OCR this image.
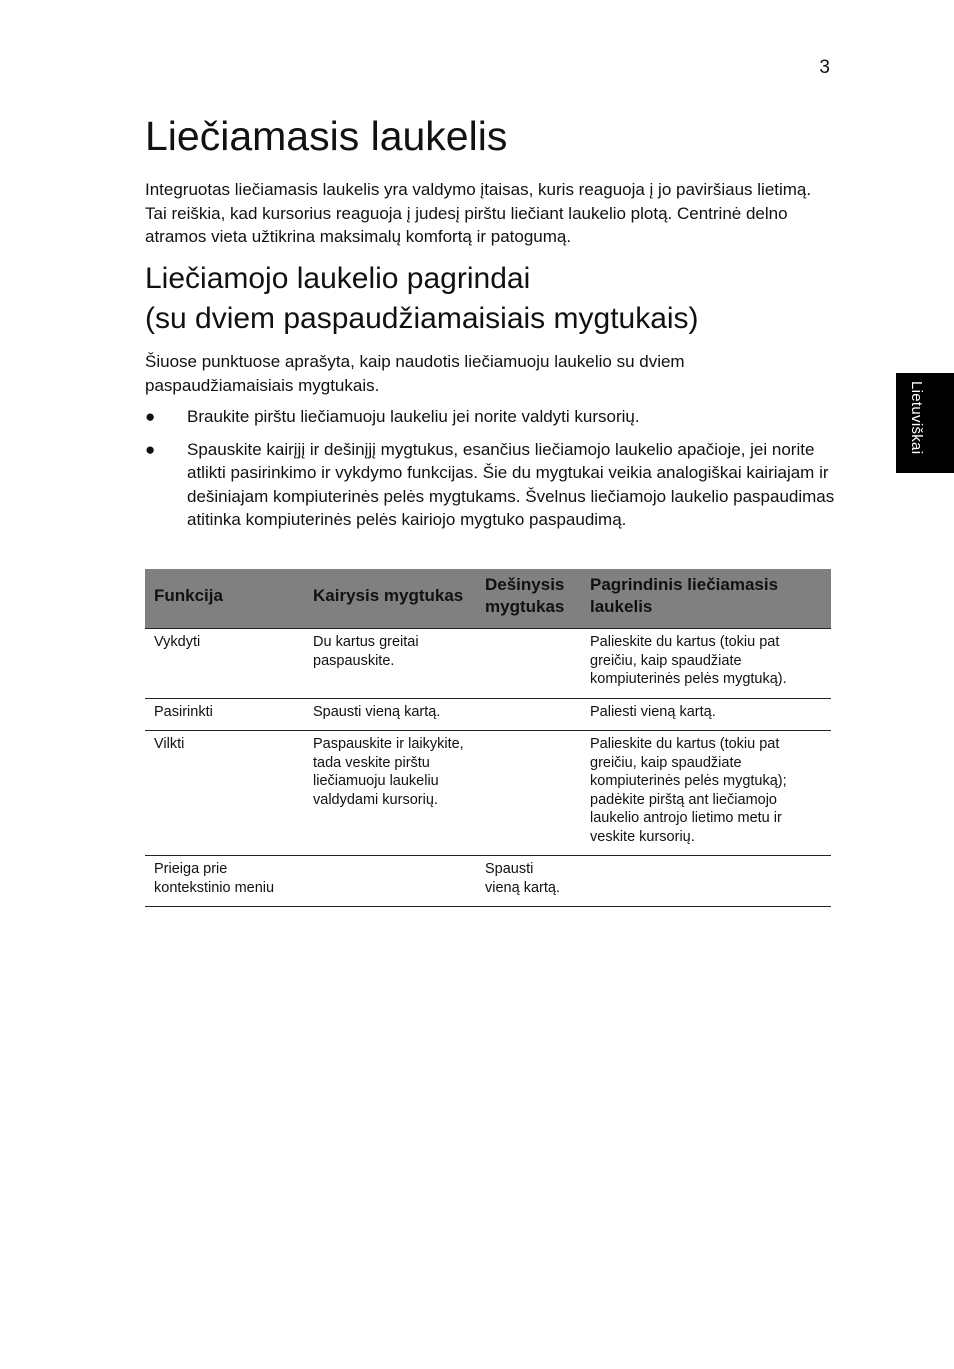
3
Lietuviškai
Liečiamasis laukelis

Integruotas liečiamasis laukelis yra valdymo įtaisas, kuris reaguoja į jo paviršiaus lietimą. Tai reiškia, kad kursorius reaguoja į judesį pirštu liečiant laukelio plotą. Centrinė delno atramos vieta užtikrina maksimalų komfortą ir patogumą.

Liečiamojo laukelio pagrindai
(su dviem paspaudžiamaisiais mygtukais)

Šiuose punktuose aprašyta, kaip naudotis liečiamuoju laukelio su dviem paspaudžiamaisiais mygtukais.

● Braukite pirštu liečiamuoju laukeliu jei norite valdyti kursorių.
● Spauskite kairįjį ir dešinįjį mygtukus, esančius liečiamojo laukelio apačioje, jei norite atlikti pasirinkimo ir vykdymo funkcijas. Šie du mygtukai veikia analogiškai kairiajam ir dešiniajam kompiuterinės pelės mygtukams. Švelnus liečiamojo laukelio paspaudimas atitinka kompiuterinės pelės kairiojo mygtuko paspaudimą.
Funkcija	Kairysis mygtukas	Dešinysis mygtukas	Pagrindinis liečiamasis laukelis
Vykdyti	Du kartus greitai paspauskite.		Palieskite du kartus (tokiu pat greičiu, kaip spaudžiate kompiuterinės pelės mygtuką).
Pasirinkti	Spausti vieną kartą.		Paliesti vieną kartą.
Vilkti	Paspauskite ir laikykite, tada veskite pirštu liečiamuoju laukeliu valdydami kursorių.		Palieskite du kartus (tokiu pat greičiu, kaip spaudžiate kompiuterinės pelės mygtuką); padėkite pirštą ant liečiamojo laukelio antrojo lietimo metu ir veskite kursorių.
Prieiga prie kontekstinio meniu		Spausti vieną kartą.	
